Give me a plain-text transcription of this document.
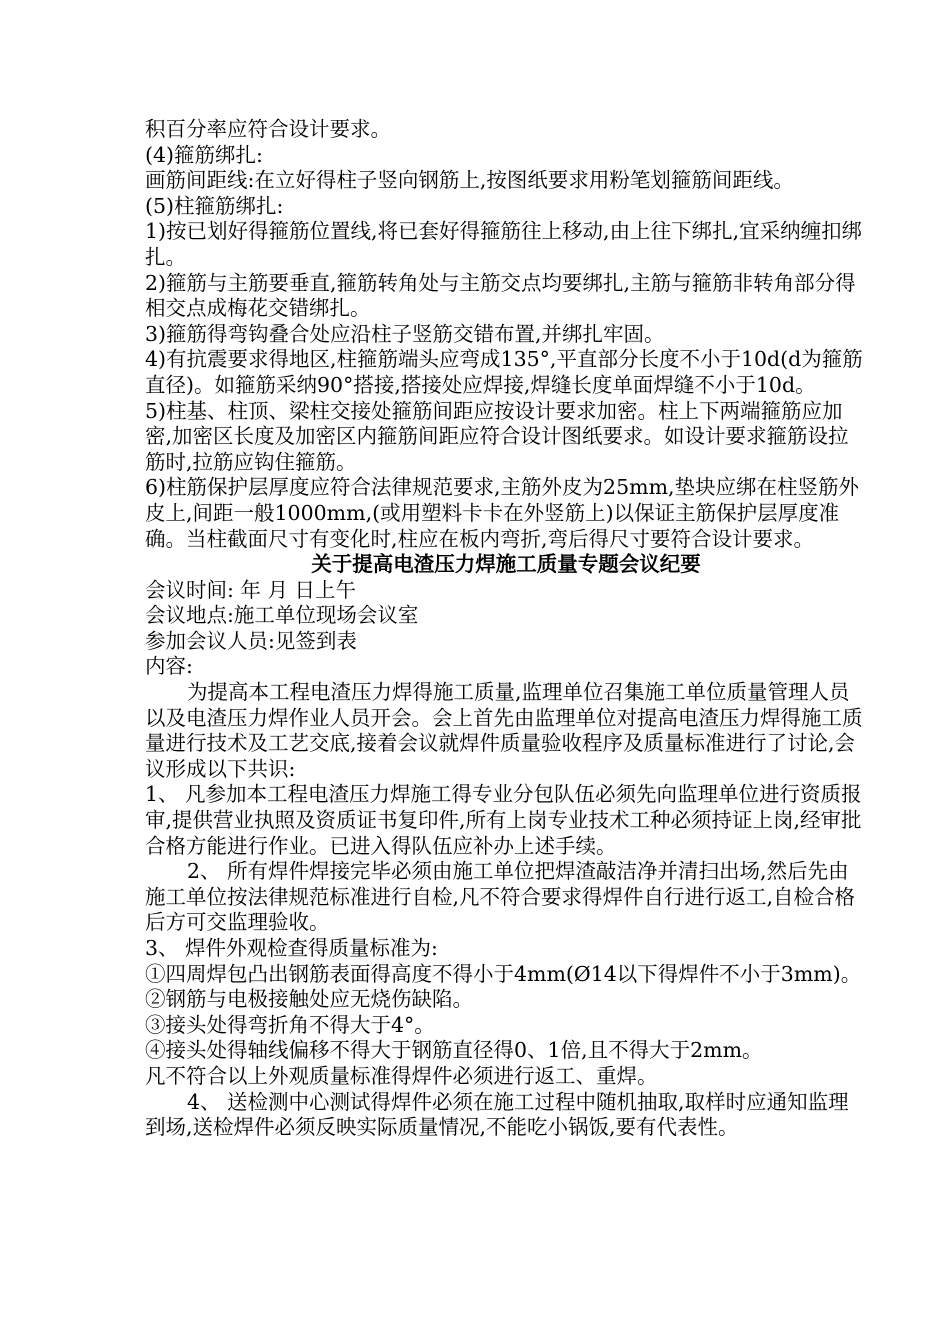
积百分率应符合设计要求。

(4)箍筋绑扎:

画筋间距线:在立好得柱子竖向钢筋上,按图纸要求用粉笔划箍筋间距线。

(5)柱箍筋绑扎:

1)按已划好得箍筋位置线,将已套好得箍筋往上移动,由上往下绑扎,宜采纳缠扣绑扎。

2)箍筋与主筋要垂直,箍筋转角处与主筋交点均要绑扎,主筋与箍筋非转角部分得相交点成梅花交错绑扎。

3)箍筋得弯钩叠合处应沿柱子竖筋交错布置,并绑扎牢固。

4)有抗震要求得地区,柱箍筋端头应弯成135°,平直部分长度不小于10d(d为箍筋直径)。如箍筋采纳90°搭接,搭接处应焊接,焊缝长度单面焊缝不小于10d。

5)柱基、柱顶、梁柱交接处箍筋间距应按设计要求加密。柱上下两端箍筋应加密,加密区长度及加密区内箍筋间距应符合设计图纸要求。如设计要求箍筋设拉筋时,拉筋应钩住箍筋。

6)柱筋保护层厚度应符合法律规范要求,主筋外皮为25mm,垫块应绑在柱竖筋外皮上,间距一般1000mm,(或用塑料卡卡在外竖筋上)以保证主筋保护层厚度准确。当柱截面尺寸有变化时,柱应在板内弯折,弯后得尺寸要符合设计要求。

关于提高电渣压力焊施工质量专题会议纪要

会议时间: 年 月 日上午

会议地点:施工单位现场会议室

参加会议人员:见签到表

内容:

为提高本工程电渣压力焊得施工质量,监理单位召集施工单位质量管理人员以及电渣压力焊作业人员开会。会上首先由监理单位对提高电渣压力焊得施工质量进行技术及工艺交底,接着会议就焊件质量验收程序及质量标准进行了讨论,会议形成以下共识:

1、 凡参加本工程电渣压力焊施工得专业分包队伍必须先向监理单位进行资质报审,提供营业执照及资质证书复印件,所有上岗专业技术工种必须持证上岗,经审批合格方能进行作业。已进入得队伍应补办上述手续。

2、 所有焊件焊接完毕必须由施工单位把焊渣敲洁净并清扫出场,然后先由施工单位按法律规范标准进行自检,凡不符合要求得焊件自行进行返工,自检合格后方可交监理验收。

3、 焊件外观检查得质量标准为:

①四周焊包凸出钢筋表面得高度不得小于4mm(Ø14以下得焊件不小于3mm)。

②钢筋与电极接触处应无烧伤缺陷。

③接头处得弯折角不得大于4°。

④接头处得轴线偏移不得大于钢筋直径得0、1倍,且不得大于2mm。

凡不符合以上外观质量标准得焊件必须进行返工、重焊。

4、 送检测中心测试得焊件必须在施工过程中随机抽取,取样时应通知监理到场,送检焊件必须反映实际质量情况,不能吃小锅饭,要有代表性。
